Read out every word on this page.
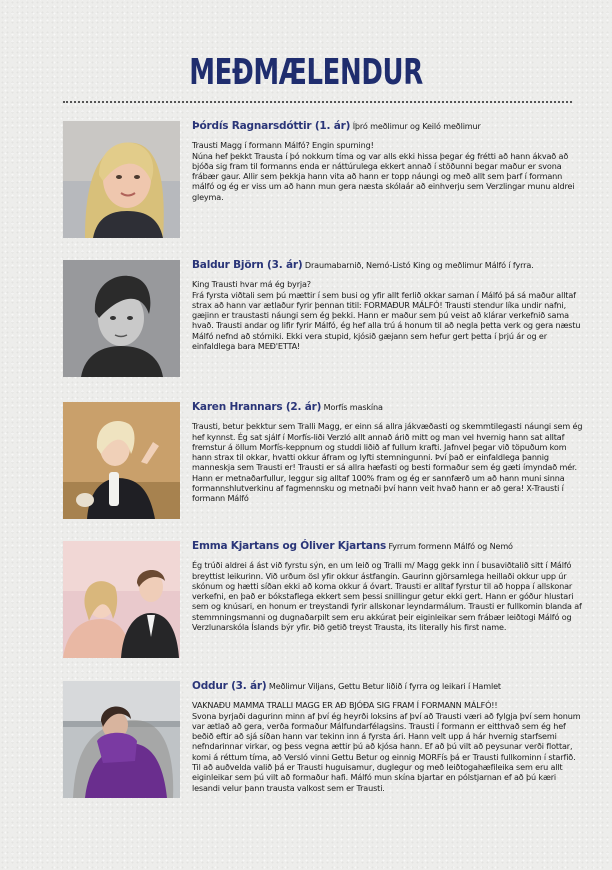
MEÐMÆLENDUR
Þórdís Ragnarsdóttir (1. ár) Íþró meðlimur og Keiló meðlimur

Trausti Magg í formann Málfó? Engin spurning!

Núna hef þekkt Trausta í þó nokkurn tíma og var alls ekki hissa þegar ég frétti að hann ákvað að bjóða sig fram til formanns enda er náttúrulega ekkert annað í stöðunni begar maður er svona frábær gaur. Allir sem þekkja hann vita að hann er topp náungi og með allt sem þarf í formann málfó og ég er viss um að hann mun gera næsta skólaár að einhverju sem Verzlingar munu aldrei gleyma.

Baldur Björn (3. ár) Draumabarnið, Nemó-Listó King og meðlimur Málfó í fyrra.

King Trausti hvar má ég byrja?

Frá fyrsta viðtali sem þú mættir í sem busi og yfir allt ferlið okkar saman í Málfó þá sá maður alltaf strax að hann var ætlaður fyrir þennan titil: FORMAÐUR MÁLFÓ! Trausti stendur líka undir nafni, gæjinn er traustasti náungi sem ég þekki. Hann er maður sem þú veist að klárar verkefnið sama hvað. Trausti andar og lifir fyrir Málfó, ég hef alla trú á honum til að negla þetta verk og gera næstu Málfó nefnd að stórniki. Ekki vera stupid, kjósið gæjann sem hefur gert þetta í þrjú ár og er einfaldlega bara MEÐ'ETTA!

Karen Hrannars (2. ár) Morfís maskína

Trausti, betur þekktur sem Tralli Magg, er einn sá allra jákvæðasti og skemmtilegasti náungi sem ég hef kynnst. Ég sat sjálf í Morfís-liði Verzló allt annað árið mitt og man vel hvernig hann sat alltaf fremstur á öllum Morfís-keppnum og studdi liðið af fullum krafti. Jafnvel þegar við töpuðum kom hann strax til okkar, hvatti okkur áfram og lyfti stemningunni. Því það er einfaldlega þannig manneskja sem Trausti er! Trausti er sá allra hæfasti og besti formaður sem ég gæti ímyndað mér. Hann er metnaðarfullur, leggur sig alltaf 100% fram og ég er sannfærð um að hann muni sinna formannshlutverkinu af fagmennsku og metnaði því hann veit hvað hann er að gera! X-Trausti í formann Málfó

Emma Kjartans og Óliver Kjartans Fyrrum formenn Málfó og Nemó

Ég trúði aldrei á ást við fyrstu sýn, en um leið og Tralli m/ Magg gekk inn í busaviðtalið sitt í Málfó breyttist leikurinn. Við urðum ösl yfir okkur ástfangin. Gaurinn gjörsamlega heillaði okkur upp úr skónum og hætti síðan ekki að koma okkur á óvart. Trausti er alltaf fyrstur til að hoppa í allskonar verkefni, en það er bókstaflega ekkert sem þessi snillingur getur ekki gert. Hann er góður hlustari sem og knúsari, en honum er treystandi fyrir allskonar leyndarmálum. Trausti er fullkomin blanda af stemmningsmanni og dugnaðarpilt sem eru akkúrat þeir eiginleikar sem frábær leiðtogi Málfó og Verzlunarskóla Íslands býr yfir. Þið getið treyst Trausta, its literally his first name.

Oddur (3. ár) Meðlimur Viljans, Gettu Betur liðið í fyrra og leikari í Hamlet

VAKNAÐU MAMMA TRALLI MAGG ER AÐ BJÓÐA SIG FRAM Í FORMANN MÁLFÓ!!

Svona byrjaði dagurinn minn af því ég heyrði loksins af því að Trausti væri að fylgja því sem honum var ætlað að gera, verða formaður Málfundarfélagsins. Trausti í formann er eitthvað sem ég hef beðið eftir að sjá síðan hann var tekinn inn á fyrsta ári. Hann velt upp á hár hvernig starfsemi nefndarinnar virkar, og þess vegna ættir þú að kjósa hann. Ef að þú vilt að peysunar verði flottar, komi á réttum tíma, að Versló vinni Gettu Betur og einnig MORFís þá er Trausti fullkominn í starfið. Til að auðvelda valið þá er Trausti huguisamur, duglegur og með leiðtogahæfileika sem eru allt eiginleikar sem þú vilt að formaður hafi. Málfó mun skína bjartar en pólstjarnan ef að þú kæri lesandi velur þann trausta valkost sem er Trausti.
